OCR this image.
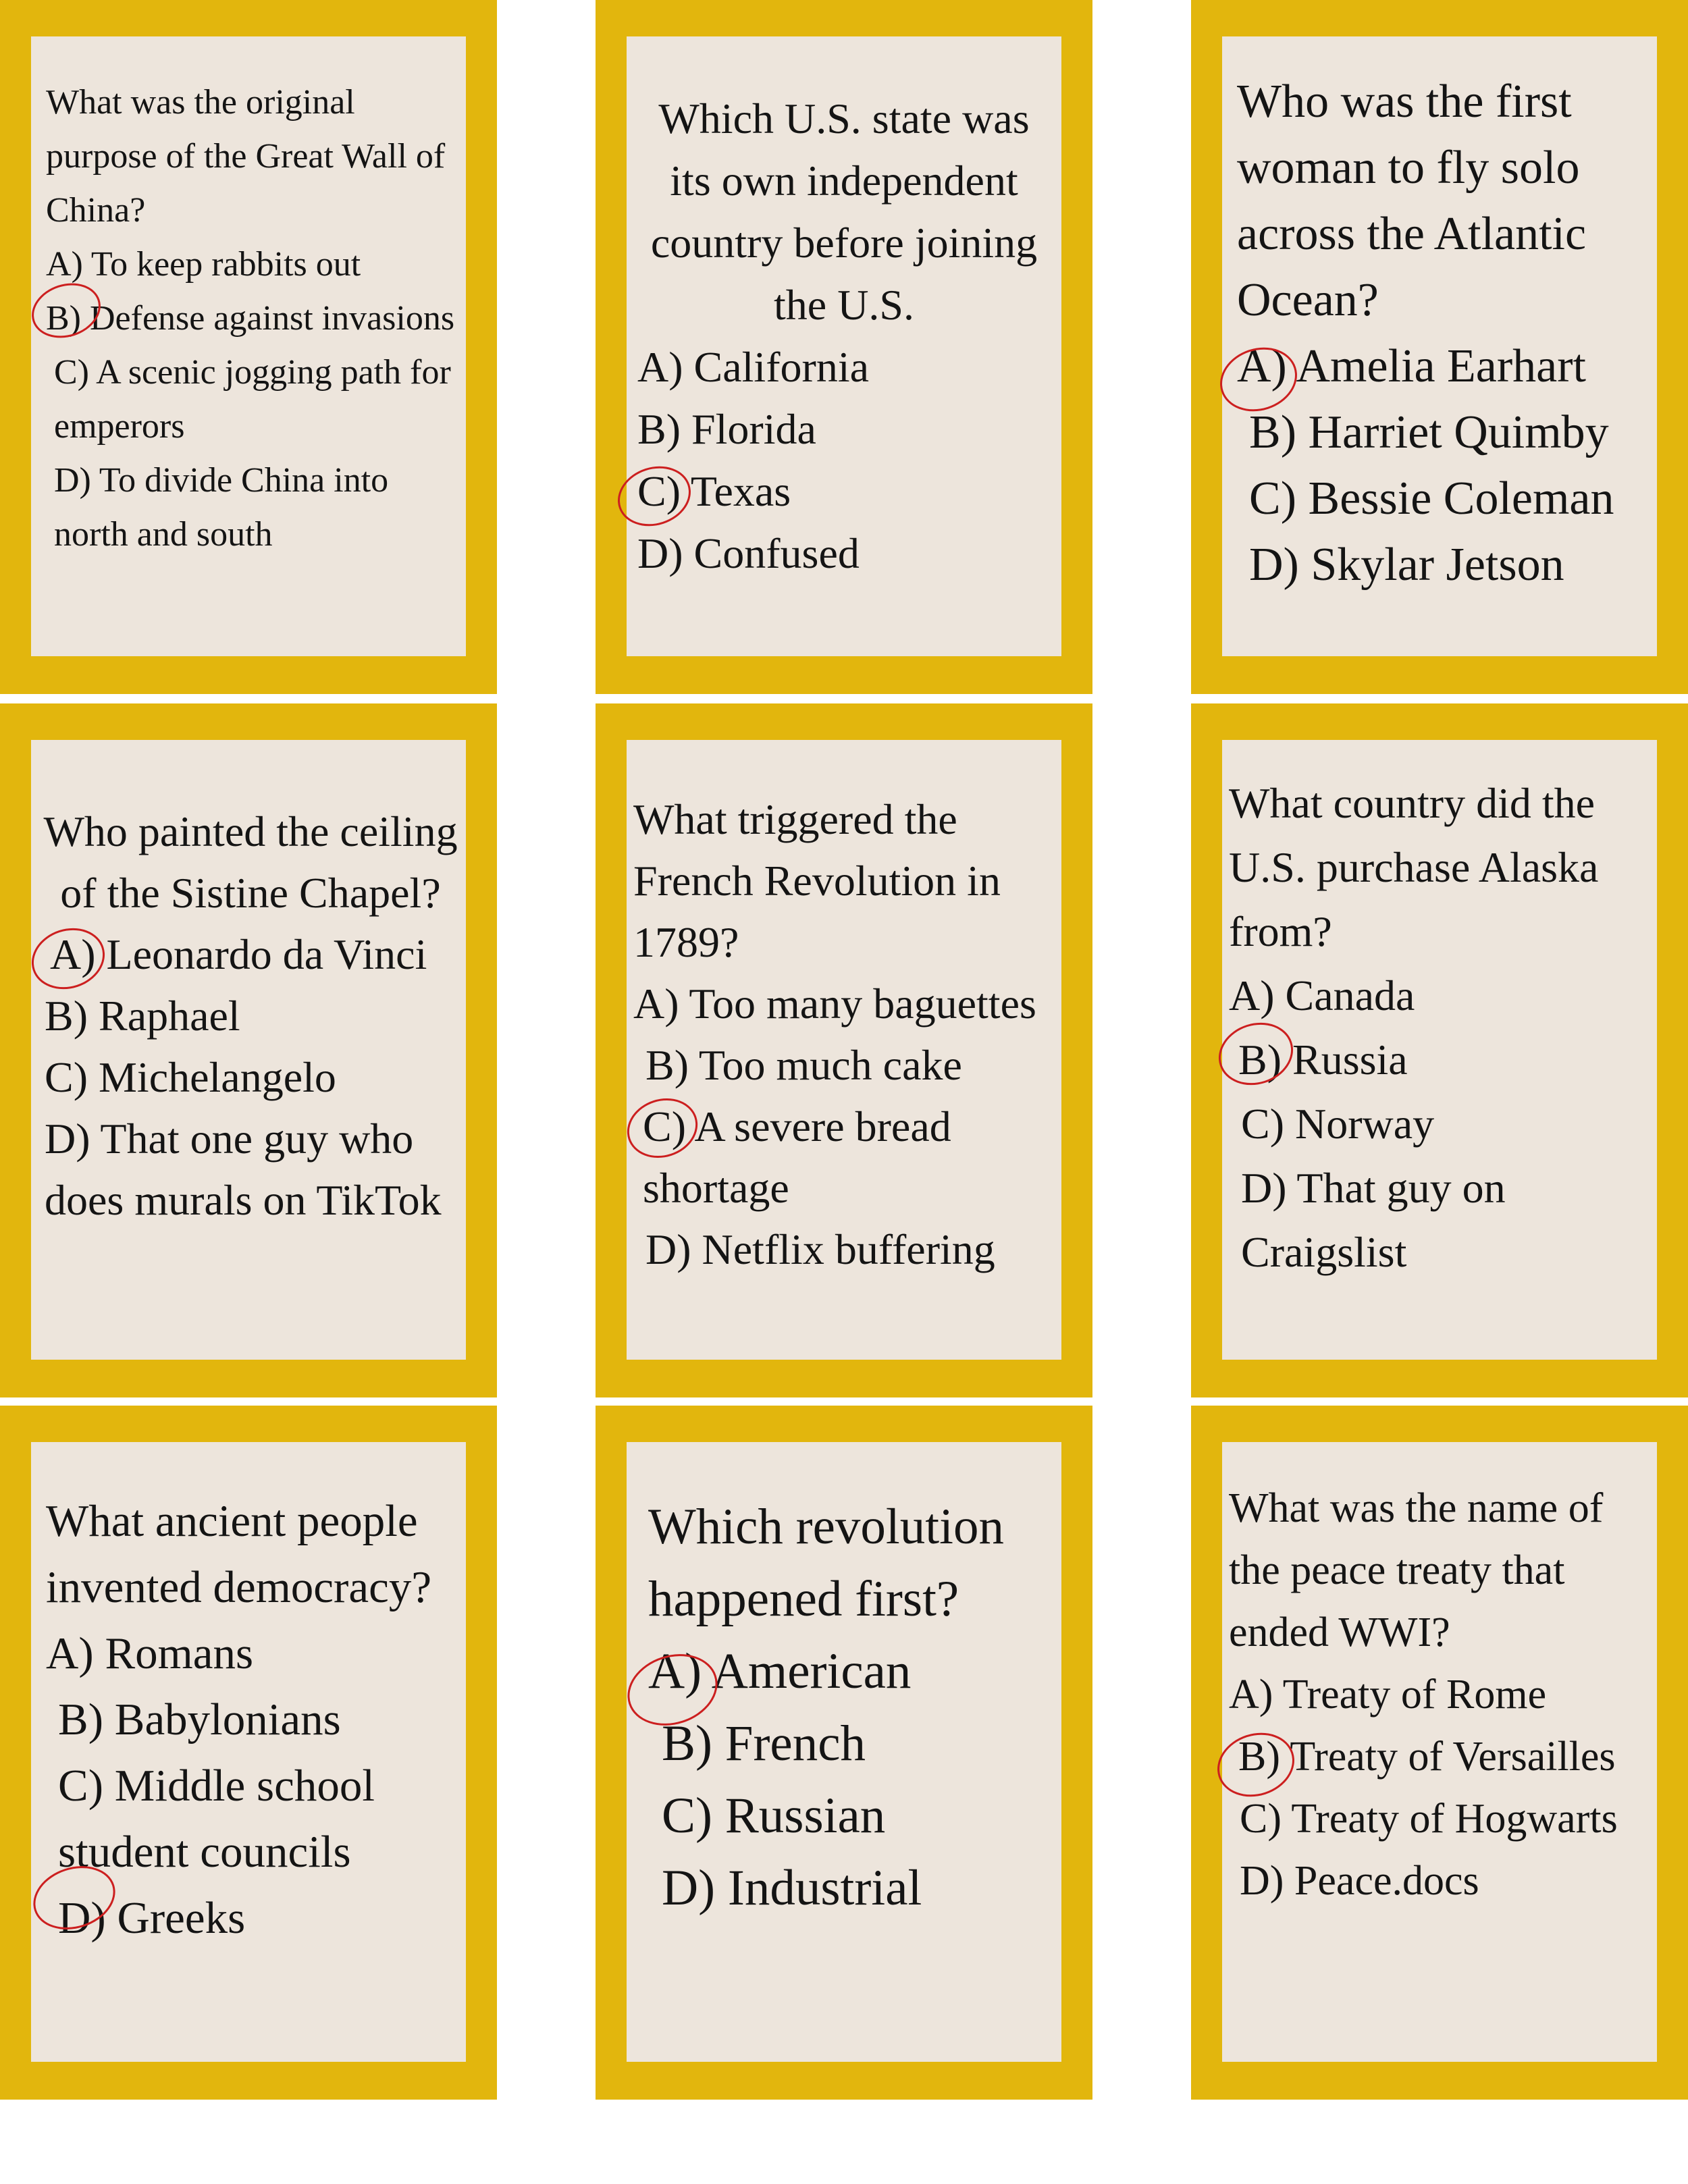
What was the original purpose of the Great Wall of China?
A) To keep rabbits out
B) Defense against invasions
C) A scenic jogging path for emperors
D) To divide China into north and south
Which U.S. state was its own independent country before joining the U.S.
A) California
B) Florida
C) Texas
D) Confused
Who was the first woman to fly solo across the Atlantic Ocean?
A) Amelia Earhart
B) Harriet Quimby
C) Bessie Coleman
D) Skylar Jetson
Who painted the ceiling of the Sistine Chapel?
A) Leonardo da Vinci
B) Raphael
C) Michelangelo
D) That one guy who does murals on TikTok
What triggered the French Revolution in 1789?
A) Too many baguettes
B) Too much cake
C) A severe bread shortage
D) Netflix buffering
What country did the U.S. purchase Alaska from?
A) Canada
B) Russia
C) Norway
D) That guy on Craigslist
What ancient people invented democracy?
A) Romans
B) Babylonians
C) Middle school student councils
D) Greeks
Which revolution happened first?
A) American
B) French
C) Russian
D) Industrial
What was the name of the peace treaty that ended WWI?
A) Treaty of Rome
B) Treaty of Versailles
C) Treaty of Hogwarts
D) Peace.docs
